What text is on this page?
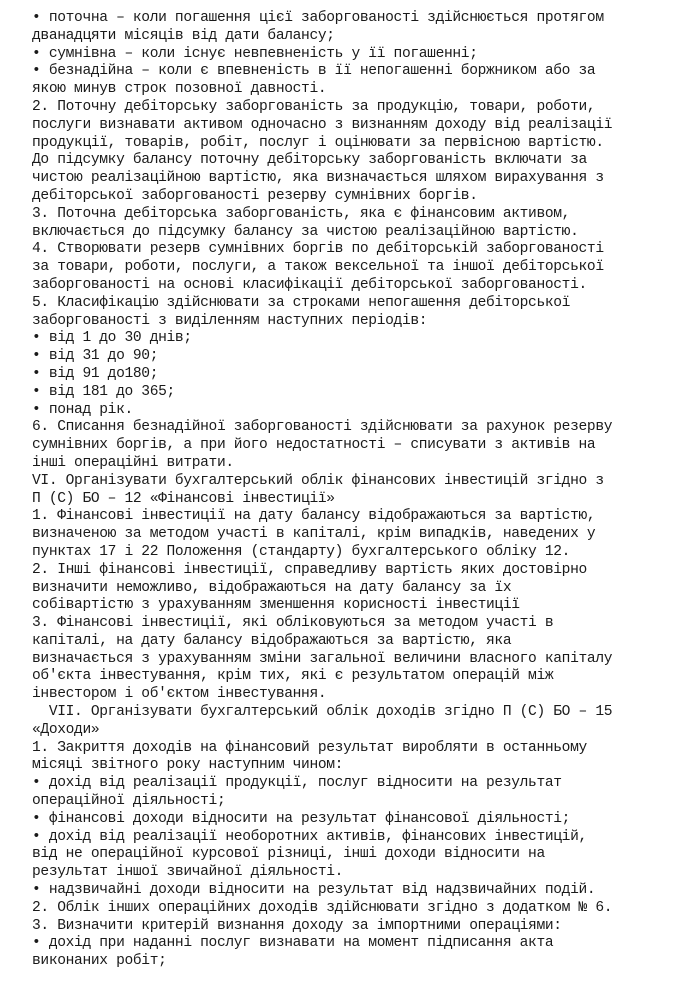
• поточна – коли погашення цієї заборгованості здійснюється протягом
дванадцяти місяців від дати балансу;
• сумнівна – коли існує невпевненість у її погашенні;
• безнадійна – коли є впевненість в її непогашенні боржником або за
якою минув строк позовної давності.
2. Поточну дебіторську заборгованість за продукцію, товари, роботи,
послуги визнавати активом одночасно з визнанням доходу від реалізації
продукції, товарів, робіт, послуг і оцінювати за первісною вартістю.
До підсумку балансу поточну дебіторську заборгованість включати за
чистою реалізаційною вартістю, яка визначається шляхом вирахування з
дебіторської заборгованості резерву сумнівних боргів.
3. Поточна дебіторська заборгованість, яка є фінансовим активом,
включається до підсумку балансу за чистою реалізаційною вартістю.
4. Створювати резерв сумнівних боргів по дебіторській заборгованості
за товари, роботи, послуги, а також вексельної та іншої дебіторської
заборгованості на основі класифікації дебіторської заборгованості.
5. Класифікацію здійснювати за строками непогашення дебіторської
заборгованості з виділенням наступних періодів:
• від 1 до 30 днів;
• від 31 до 90;
• від 91 до180;
• від 181 до 365;
• понад рік.
6. Списання безнадійної заборгованості здійснювати за рахунок резерву
сумнівних боргів, а при його недостатності – списувати з активів на
інші операційні витрати.
VI. Організувати бухгалтерський облік фінансових інвестицій згідно з
П (С) БО – 12 «Фінансові інвестиції»
1. Фінансові інвестиції на дату балансу відображаються за вартістю,
визначеною за методом участі в капіталі, крім випадків, наведених у
пунктах 17 і 22 Положення (стандарту) бухгалтерського обліку 12.
2. Інші фінансові інвестиції, справедливу вартість яких достовірно
визначити неможливо, відображаються на дату балансу за їх
собівартістю з урахуванням зменшення корисності інвестиції
3. Фінансові інвестиції, які обліковуються за методом участі в
капіталі, на дату балансу відображаються за вартістю, яка
визначається з урахуванням зміни загальної величини власного капіталу
об'єкта інвестування, крім тих, які є результатом операцій між
інвестором і об'єктом інвестування.
VII. Організувати бухгалтерський облік доходів згідно П (С) БО – 15
«Доходи»
1. Закриття доходів на фінансовий результат виробляти в останньому
місяці звітного року наступним чином:
• дохід від реалізації продукції, послуг відносити на результат
операційної діяльності;
• фінансові доходи відносити на результат фінансової діяльності;
• дохід від реалізації необоротних активів, фінансових інвестицій,
від не операційної курсової різниці, інші доходи відносити на
результат іншої звичайної діяльності.
• надзвичайні доходи відносити на результат від надзвичайних подій.
2. Облік інших операційних доходів здійснювати згідно з додатком № 6.
3. Визначити критерій визнання доходу за імпортними операціями:
• дохід при наданні послуг визнавати на момент підписання акта
виконаних робіт;
